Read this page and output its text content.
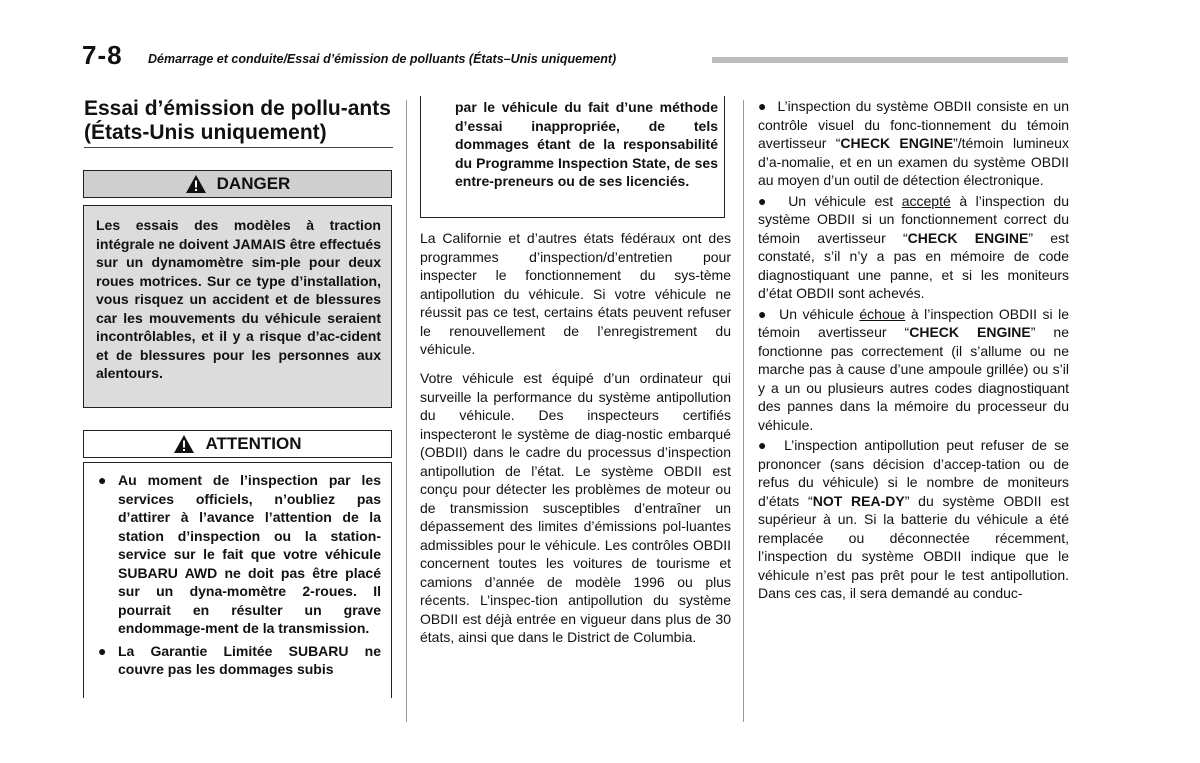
7-8 Démarrage et conduite/Essai d’émission de polluants (États–Unis uniquement)
Essai d’émission de pollu-ants (États-Unis uniquement)
DANGER
Les essais des modèles à traction intégrale ne doivent JAMAIS être effectués sur un dynamomètre sim-ple pour deux roues motrices. Sur ce type d’installation, vous risquez un accident et de blessures car les mouvements du véhicule seraient incontrôlables, et il y a risque d’ac-cident et de blessures pour les personnes aux alentours.
ATTENTION
● Au moment de l’inspection par les services officiels, n’oubliez pas d’attirer à l’avance l’attention de la station d’inspection ou la station-service sur le fait que votre véhicule SUBARU AWD ne doit pas être placé sur un dyna-momètre 2-roues. Il pourrait en résulter un grave endommage-ment de la transmission.
● La Garantie Limitée SUBARU ne couvre pas les dommages subis
par le véhicule du fait d’une méthode d’essai inappropriée, de tels dommages étant de la responsabilité du Programme Inspection State, de ses entre-preneurs ou de ses licenciés.
La Californie et d’autres états fédéraux ont des programmes d’inspection/d’entretien pour inspecter le fonctionnement du sys-tème antipollution du véhicule. Si votre véhicule ne réussit pas ce test, certains états peuvent refuser le renouvellement de l’enregistrement du véhicule.
Votre véhicule est équipé d’un ordinateur qui surveille la performance du système antipollution du véhicule. Des inspecteurs certifiés inspecteront le système de diag-nostic embarqué (OBDII) dans le cadre du processus d’inspection antipollution de l’état. Le système OBDII est conçu pour détecter les problèmes de moteur ou de transmission susceptibles d’entraîner un dépassement des limites d’émissions pol-luantes admissibles pour le véhicule. Les contrôles OBDII concernent toutes les voitures de tourisme et camions d’année de modèle 1996 ou plus récents. L’inspec-tion antipollution du système OBDII est déjà entrée en vigueur dans plus de 30 états, ainsi que dans le District de Columbia.

● L’inspection du système OBDII consiste en un contrôle visuel du fonc-tionnement du témoin avertisseur “CHECK ENGINE”/témoin lumineux d’a-nomalie, et en un examen du système OBDII au moyen d’un outil de détection électronique.

● Un véhicule est accepté à l’inspection du système OBDII si un fonctionnement correct du témoin avertisseur “CHECK ENGINE” est constaté, s’il n’y a pas en mémoire de code diagnostiquant une panne, et si les moniteurs d’état OBDII sont achevés.

● Un véhicule échoue à l’inspection OBDII si le témoin avertisseur “CHECK ENGINE” ne fonctionne pas correctement (il s’allume ou ne marche pas à cause d’une ampoule grillée) ou s’il y a un ou plusieurs autres codes diagnostiquant des pannes dans la mémoire du processeur du véhicule.

● L’inspection antipollution peut refuser de se prononcer (sans décision d’accep-tation ou de refus du véhicule) si le nombre de moniteurs d’états “NOT REA-DY” du système OBDII est supérieur à un. Si la batterie du véhicule a été remplacée ou déconnectée récemment, l’inspection du système OBDII indique que le véhicule n’est pas prêt pour le test antipollution. Dans ces cas, il sera demandé au conduc-
